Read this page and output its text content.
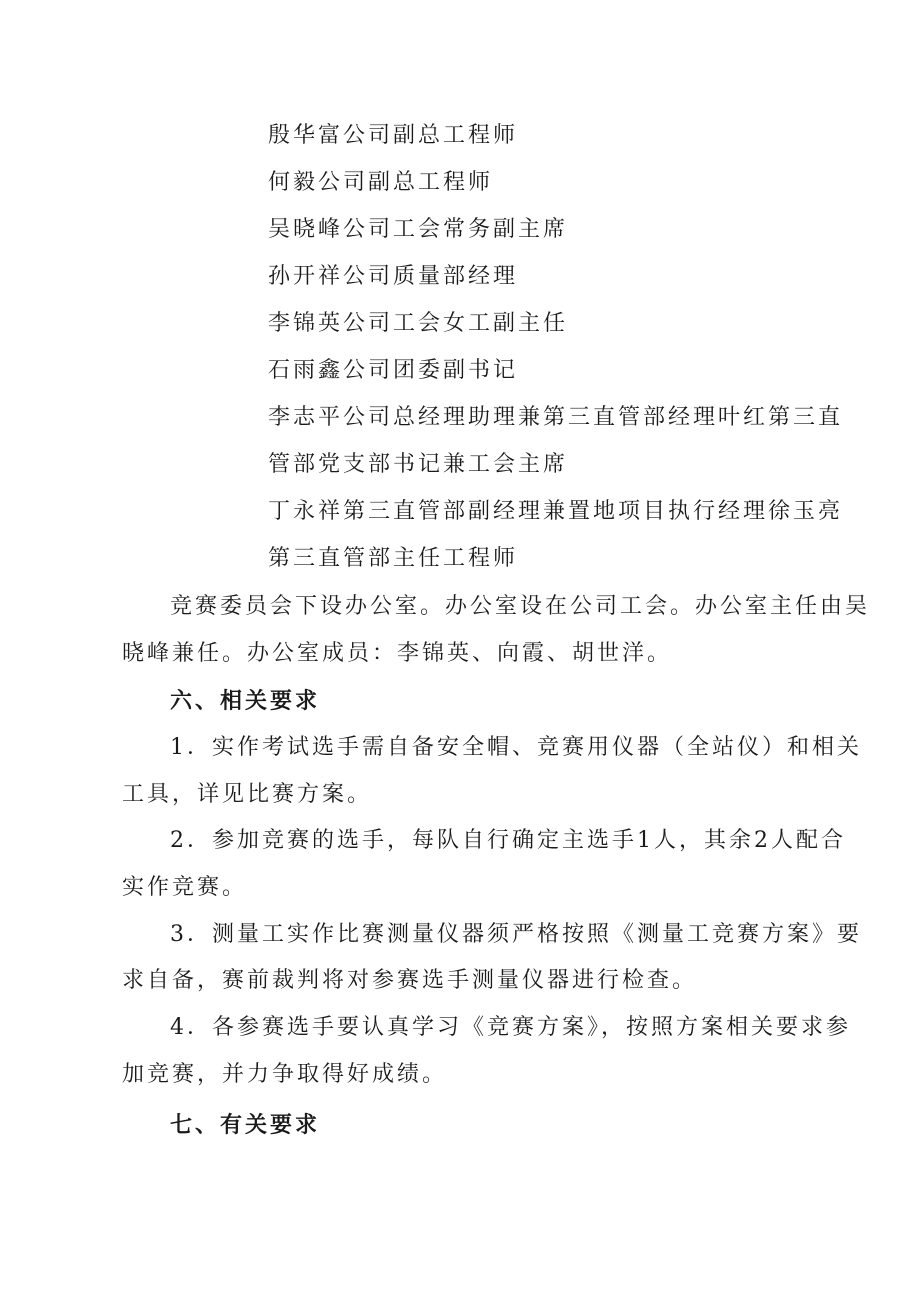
殷华富公司副总工程师
何毅公司副总工程师
吴晓峰公司工会常务副主席
孙开祥公司质量部经理
李锦英公司工会女工副主任
石雨鑫公司团委副书记
李志平公司总经理助理兼第三直管部经理叶红第三直
管部党支部书记兼工会主席
丁永祥第三直管部副经理兼置地项目执行经理徐玉亮
第三直管部主任工程师
竞赛委员会下设办公室。办公室设在公司工会。办公室主任由吴
晓峰兼任。办公室成员：李锦英、向霞、胡世洋。
六、相关要求
1．实作考试选手需自备安全帽、竞赛用仪器（全站仪）和相关
工具，详见比赛方案。
2．参加竞赛的选手，每队自行确定主选手1人，其余2人配合
实作竞赛。
3．测量工实作比赛测量仪器须严格按照《测量工竞赛方案》要
求自备，赛前裁判将对参赛选手测量仪器进行检查。
4．各参赛选手要认真学习《竞赛方案》，按照方案相关要求参
加竞赛，并力争取得好成绩。
七、有关要求
